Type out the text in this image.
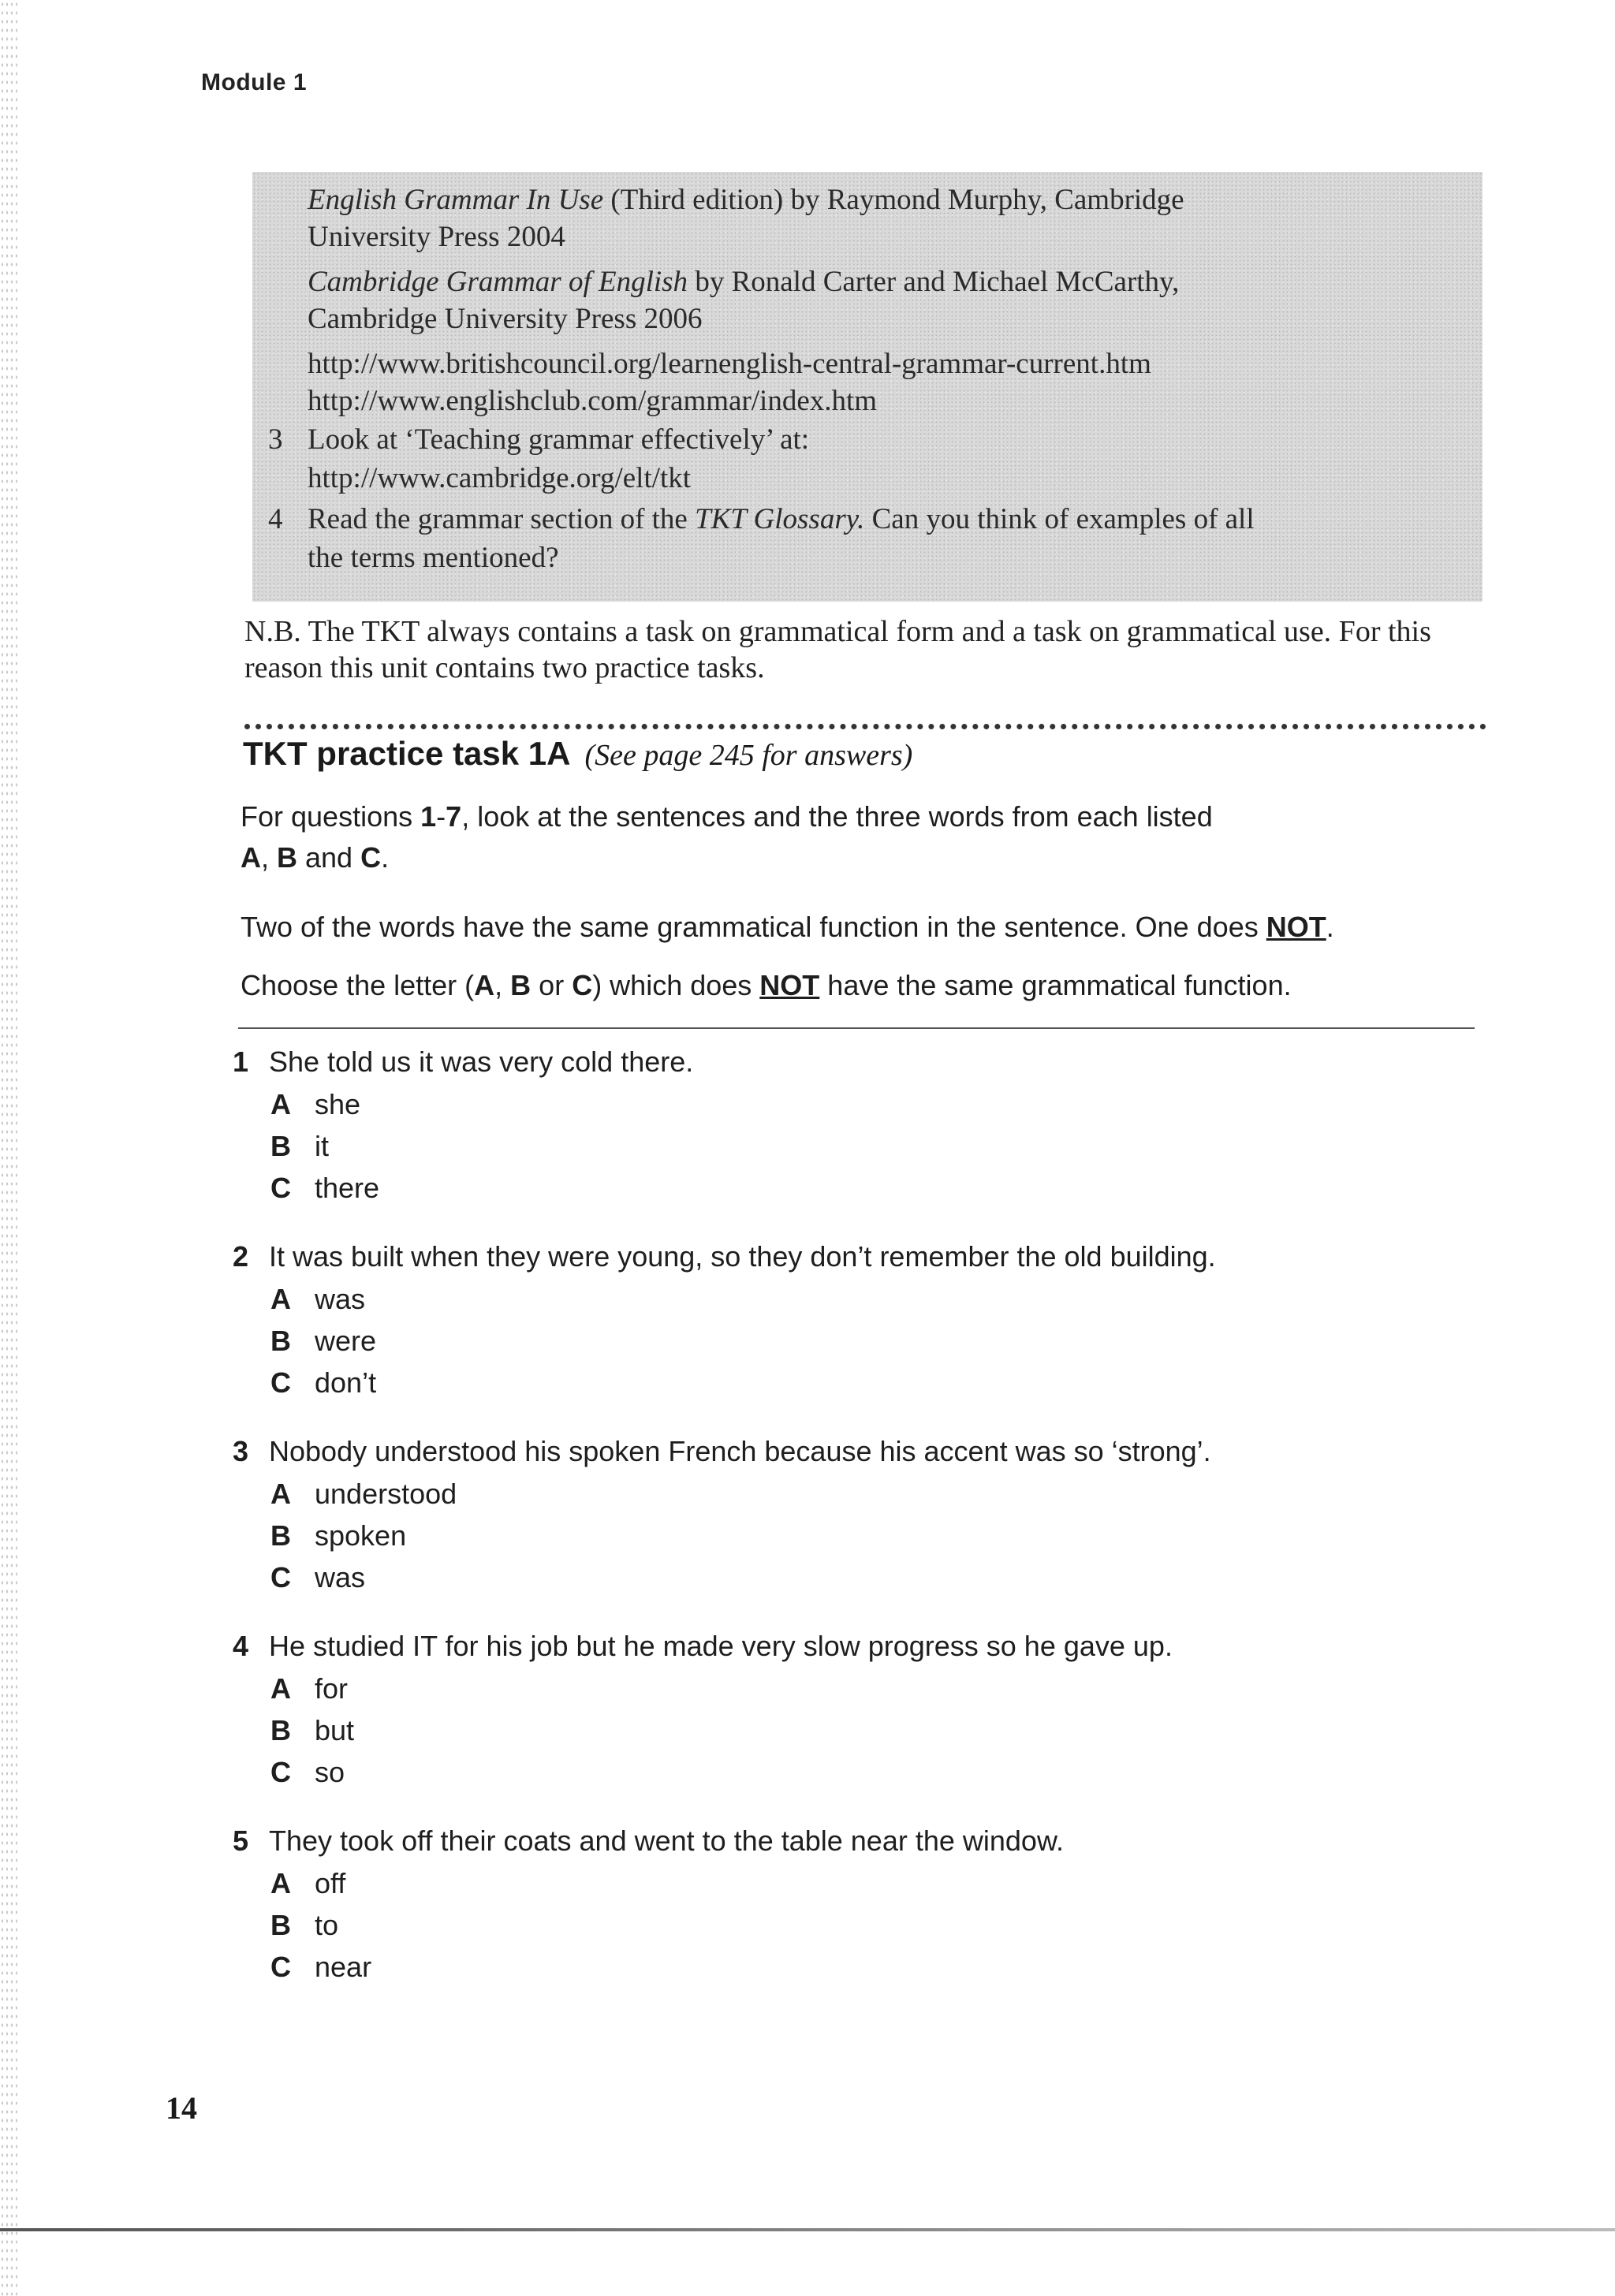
Module 1
English Grammar In Use (Third edition) by Raymond Murphy, Cambridge
University Press 2004
Cambridge Grammar of English by Ronald Carter and Michael McCarthy,
Cambridge University Press 2006
http://www.britishcouncil.org/learnenglish-central-grammar-current.htm
http://www.englishclub.com/grammar/index.htm
3 Look at ‘Teaching grammar effectively’ at:
http://www.cambridge.org/elt/tkt
4 Read the grammar section of the TKT Glossary. Can you think of examples of all
the terms mentioned?
N.B. The TKT always contains a task on grammatical form and a task on grammatical use. For this reason this unit contains two practice tasks.
TKT practice task 1A (See page 245 for answers)
For questions 1-7, look at the sentences and the three words from each listed
A, B and C.
Two of the words have the same grammatical function in the sentence. One does NOT.
Choose the letter (A, B or C) which does NOT have the same grammatical function.
1 She told us it was very cold there.
A she
B it
C there
2 It was built when they were young, so they don’t remember the old building.
A was
B were
C don’t
3 Nobody understood his spoken French because his accent was so ‘strong’.
A understood
B spoken
C was
4 He studied IT for his job but he made very slow progress so he gave up.
A for
B but
C so
5 They took off their coats and went to the table near the window.
A off
B to
C near
14
